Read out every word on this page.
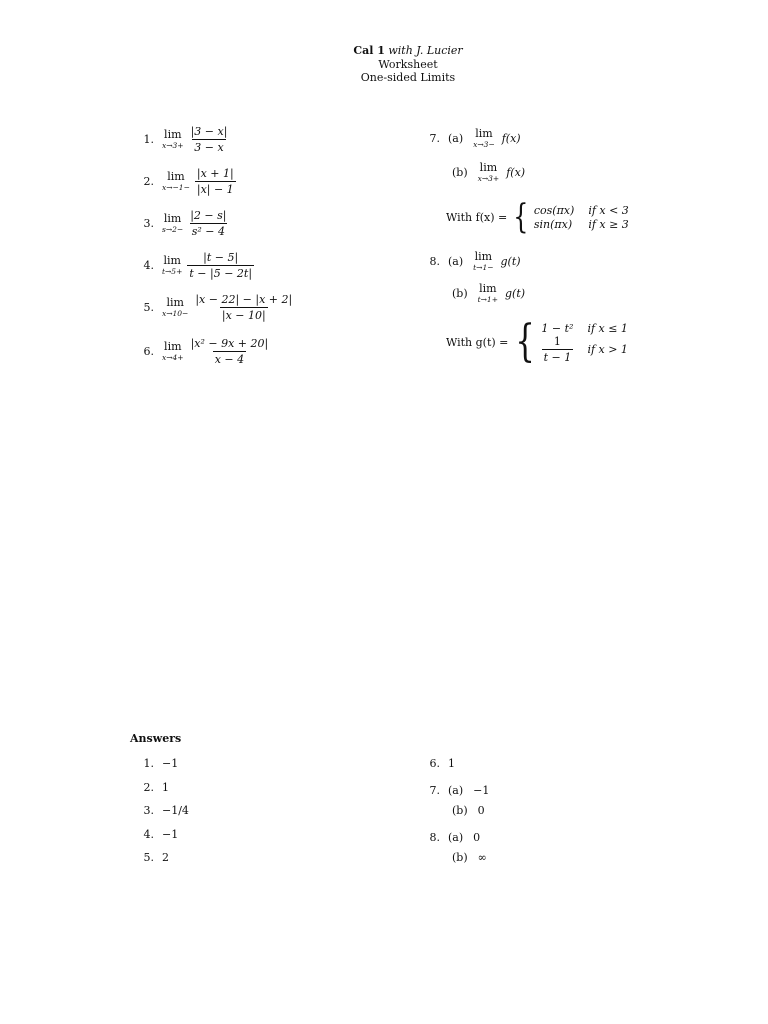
Cal 1 with J. Lucier
Worksheet
One-sided Limits
1. lim
$x\to 3+ \frac{|3 - x|}{3 - x}$
2. lim
$x\to-1- \frac{|x + 1|}{|x| - 1}$
3. lim
$s\to 2- \frac{|2 - s|}{\text{s² − 4}}$
4. lim
$t\to 5+ \frac{|t - 5|}{t - |5 - 2t|}$
5. lim
$x\to 10- \frac{|x - 22| - |x + 2|}{|x - 10|}$
6. lim
$x\to 4+ \frac{\text{|x² − 9x + 20|}}{x - 4}$
7. (a) lim
x→3− f(x)
(b) lim
x→3+ f(x)
With f(x) = { cos(πx) if x < 3
sin(πx) if x ≥ 3
8. (a) lim
t→1− g(t)
(b) lim
t→1+ g(t)
With g(t) = { 1 − t² if x ≤ 1
$\frac{1}{t - 1}$ if x > 1
Answers
1. −1
2. 1
3. −1/4
4. −1
5. 2
6. 1
7. (a) −1
(b) 0
8. (a) 0
(b) ∞
